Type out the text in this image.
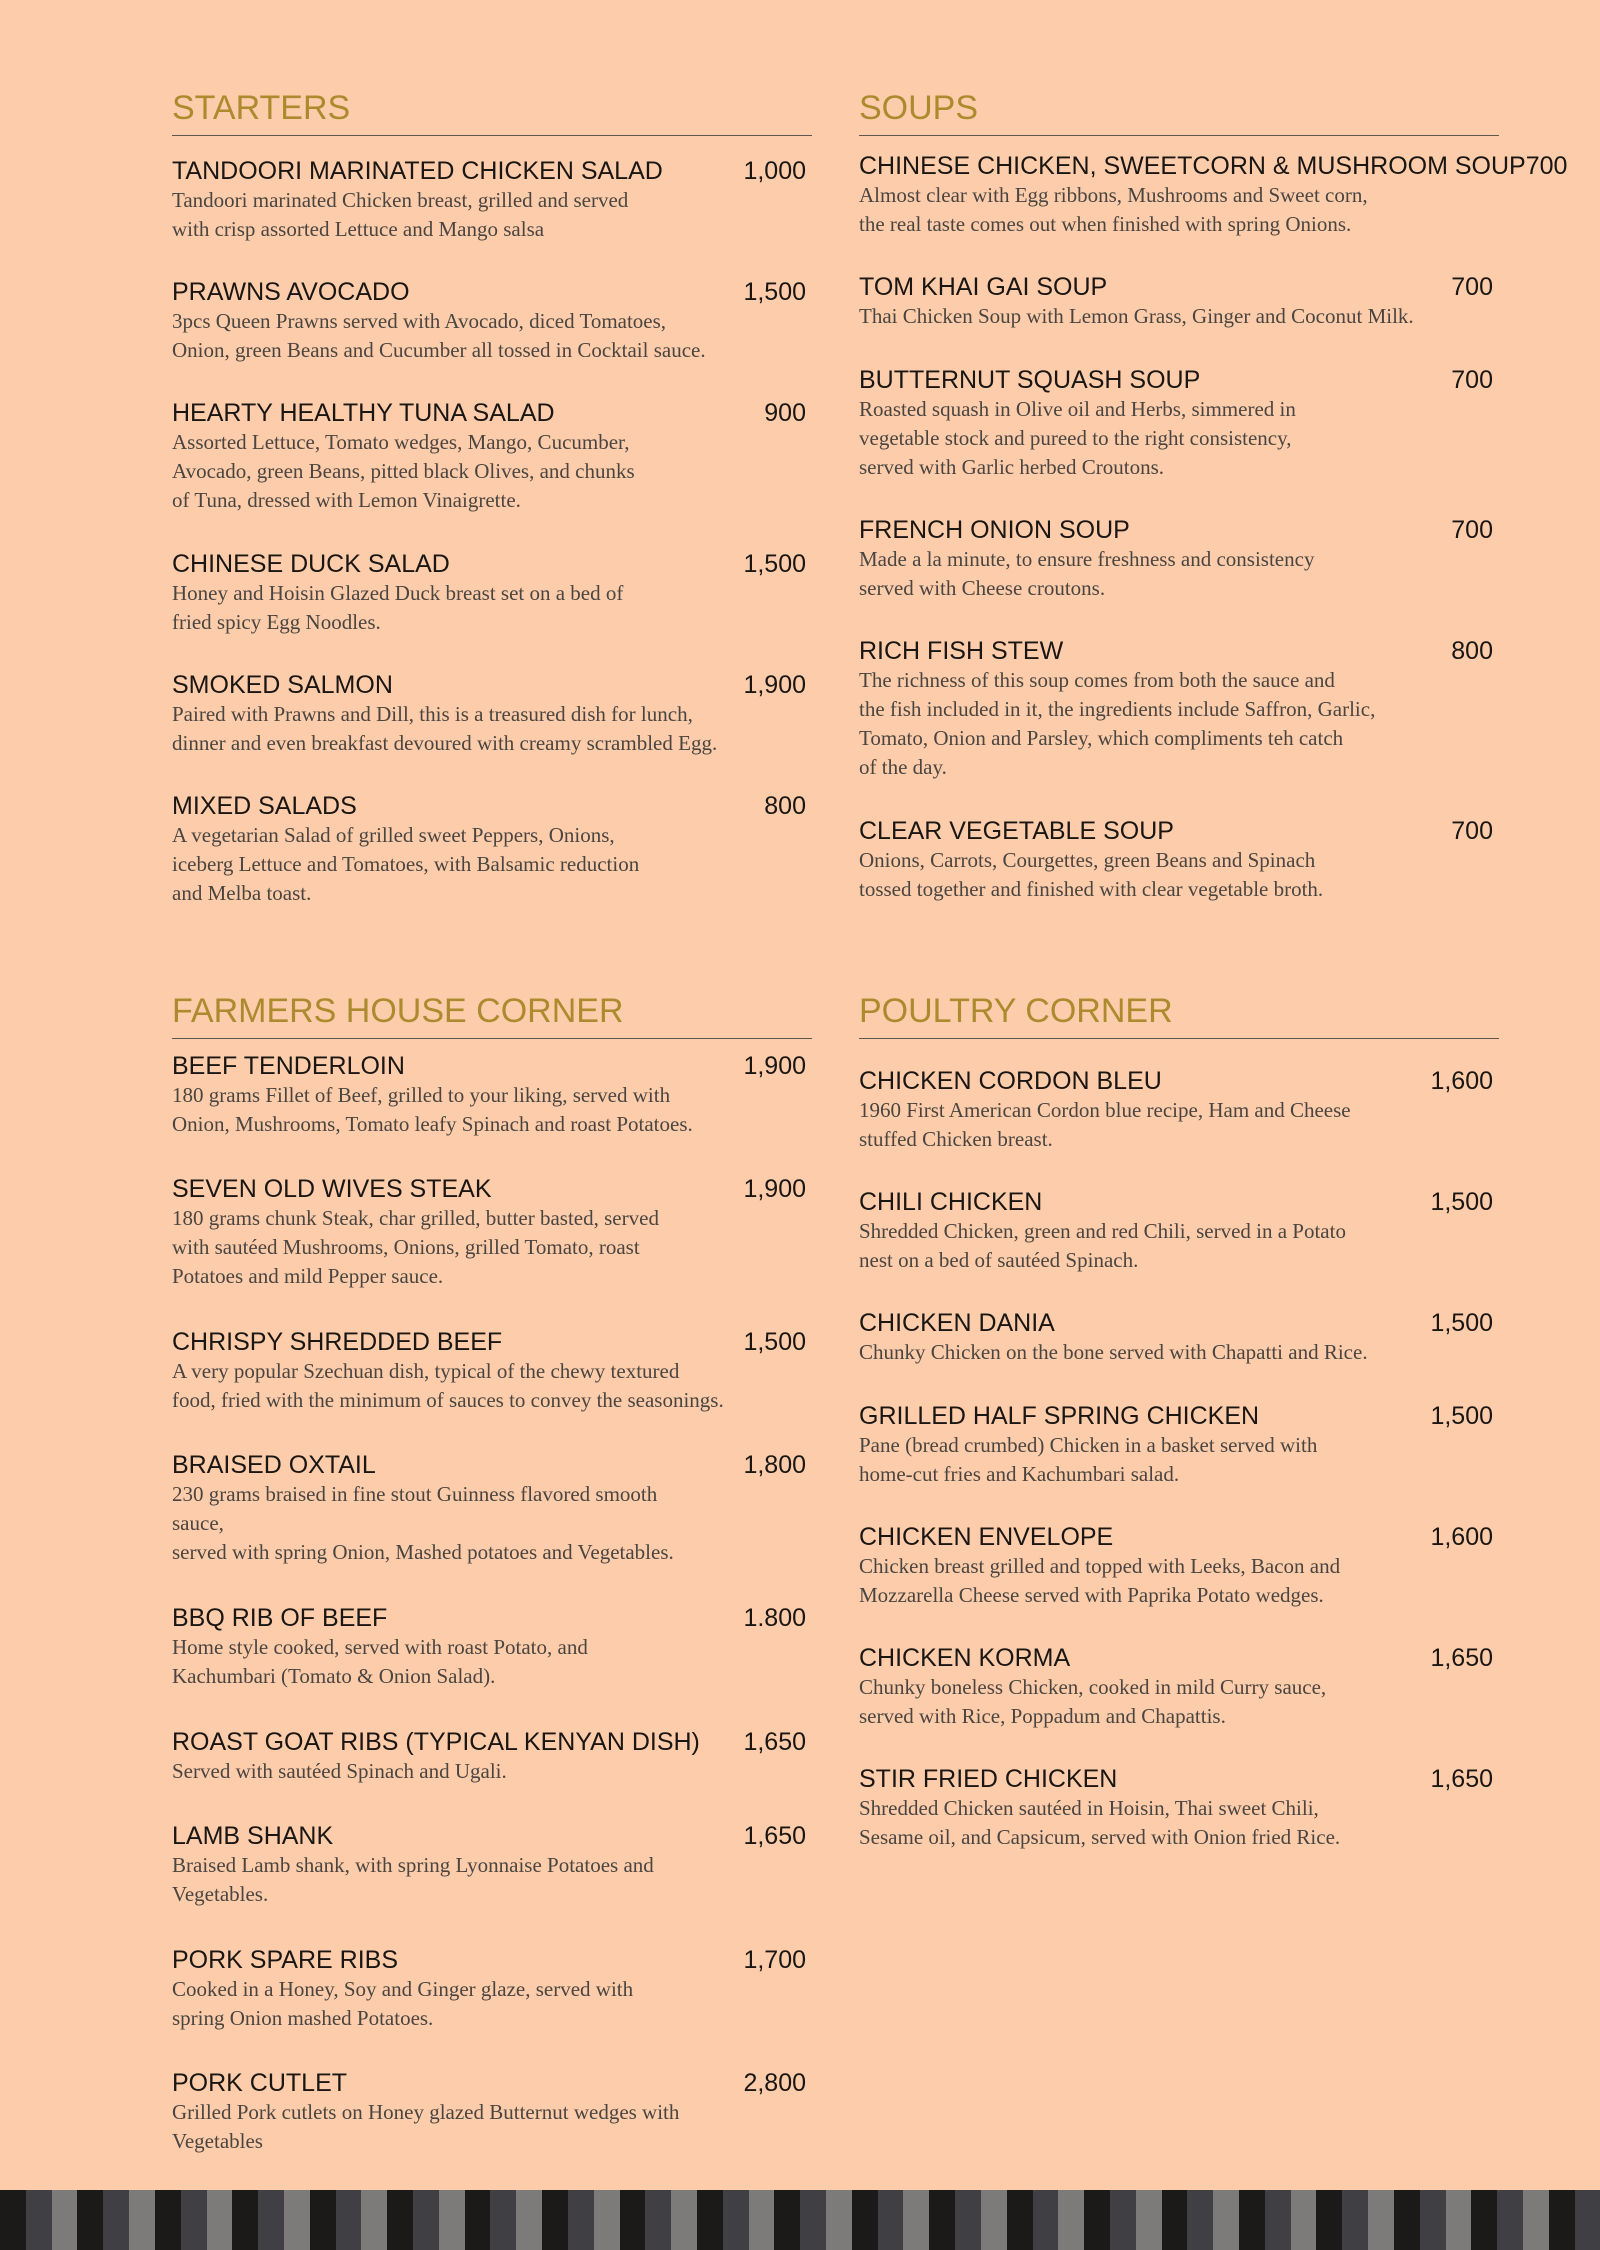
STARTERS
TANDOORI MARINATED CHICKEN SALAD	1,000
Tandoori marinated Chicken breast, grilled and served
with crisp assorted Lettuce and Mango salsa
PRAWNS AVOCADO	1,500
3pcs Queen Prawns served with Avocado, diced Tomatoes,
Onion, green Beans and Cucumber all tossed in Cocktail sauce.
HEARTY HEALTHY TUNA SALAD	900
Assorted Lettuce, Tomato wedges, Mango, Cucumber,
Avocado, green Beans, pitted black Olives, and chunks
of Tuna, dressed with Lemon Vinaigrette.
CHINESE DUCK SALAD	1,500
Honey and Hoisin Glazed Duck breast set on a bed of
fried spicy Egg Noodles.
SMOKED SALMON	1,900
Paired with Prawns and Dill, this is a treasured dish for lunch,
dinner and even breakfast devoured with creamy scrambled Egg.
MIXED SALADS	800
A vegetarian Salad of grilled sweet Peppers, Onions,
iceberg Lettuce and Tomatoes, with Balsamic reduction
and Melba toast.
SOUPS
CHINESE CHICKEN, SWEETCORN & MUSHROOM SOUP 700
Almost clear with Egg ribbons, Mushrooms and Sweet corn,
the real taste comes out when finished with spring Onions.
TOM KHAI GAI SOUP	700
Thai Chicken Soup with Lemon Grass, Ginger and Coconut Milk.
BUTTERNUT SQUASH SOUP	700
Roasted squash in Olive oil and Herbs, simmered in
vegetable stock and pureed to the right consistency,
served with Garlic herbed Croutons.
FRENCH ONION SOUP	700
Made a la minute, to ensure freshness and consistency
served with Cheese croutons.
RICH FISH STEW	800
The richness of this soup comes from both the sauce and
the fish included in it, the ingredients include Saffron, Garlic,
Tomato, Onion and Parsley, which compliments teh catch
of the day.
CLEAR VEGETABLE SOUP	700
Onions, Carrots, Courgettes, green Beans and Spinach
tossed together and finished with clear vegetable broth.
FARMERS HOUSE CORNER
BEEF TENDERLOIN	1,900
180 grams Fillet of Beef, grilled to your liking, served with
Onion, Mushrooms, Tomato leafy Spinach and roast Potatoes.
SEVEN OLD WIVES STEAK	1,900
180 grams chunk Steak, char grilled, butter basted, served
with sautéed Mushrooms, Onions, grilled Tomato, roast
Potatoes and mild Pepper sauce.
CHRISPY SHREDDED BEEF	1,500
A very popular Szechuan dish, typical of the chewy textured
food, fried with the minimum of sauces to convey the seasonings.
BRAISED OXTAIL	1,800
230 grams braised in fine stout Guinness flavored smooth
sauce,
served with spring Onion, Mashed potatoes and Vegetables.
BBQ RIB OF BEEF	1.800
Home style cooked, served with roast Potato, and
Kachumbari (Tomato & Onion Salad).
ROAST GOAT RIBS (TYPICAL KENYAN DISH) 1,650
Served with sautéed Spinach and Ugali.
LAMB SHANK	1,650
Braised Lamb shank, with spring Lyonnaise Potatoes and
Vegetables.
PORK SPARE RIBS	1,700
Cooked in a Honey, Soy and Ginger glaze, served with
spring Onion mashed Potatoes.
PORK CUTLET	2,800
Grilled Pork cutlets on Honey glazed Butternut wedges with
Vegetables
POULTRY CORNER
CHICKEN CORDON BLEU	1,600
1960 First American Cordon blue recipe, Ham and Cheese
stuffed Chicken breast.
CHILI CHICKEN	1,500
Shredded Chicken, green and red Chili, served in a Potato
nest on a bed of sautéed Spinach.
CHICKEN DANIA	1,500
Chunky Chicken on the bone served with Chapatti and Rice.
GRILLED HALF SPRING CHICKEN	1,500
Pane (bread crumbed) Chicken in a basket served with
home-cut fries and Kachumbari salad.
CHICKEN ENVELOPE	1,600
Chicken breast grilled and topped with Leeks, Bacon and
Mozzarella Cheese served with Paprika Potato wedges.
CHICKEN KORMA	1,650
Chunky boneless Chicken, cooked in mild Curry sauce,
served with Rice, Poppadum and Chapattis.
STIR FRIED CHICKEN	1,650
Shredded Chicken sautéed in Hoisin, Thai sweet Chili,
Sesame oil, and Capsicum, served with Onion fried Rice.
